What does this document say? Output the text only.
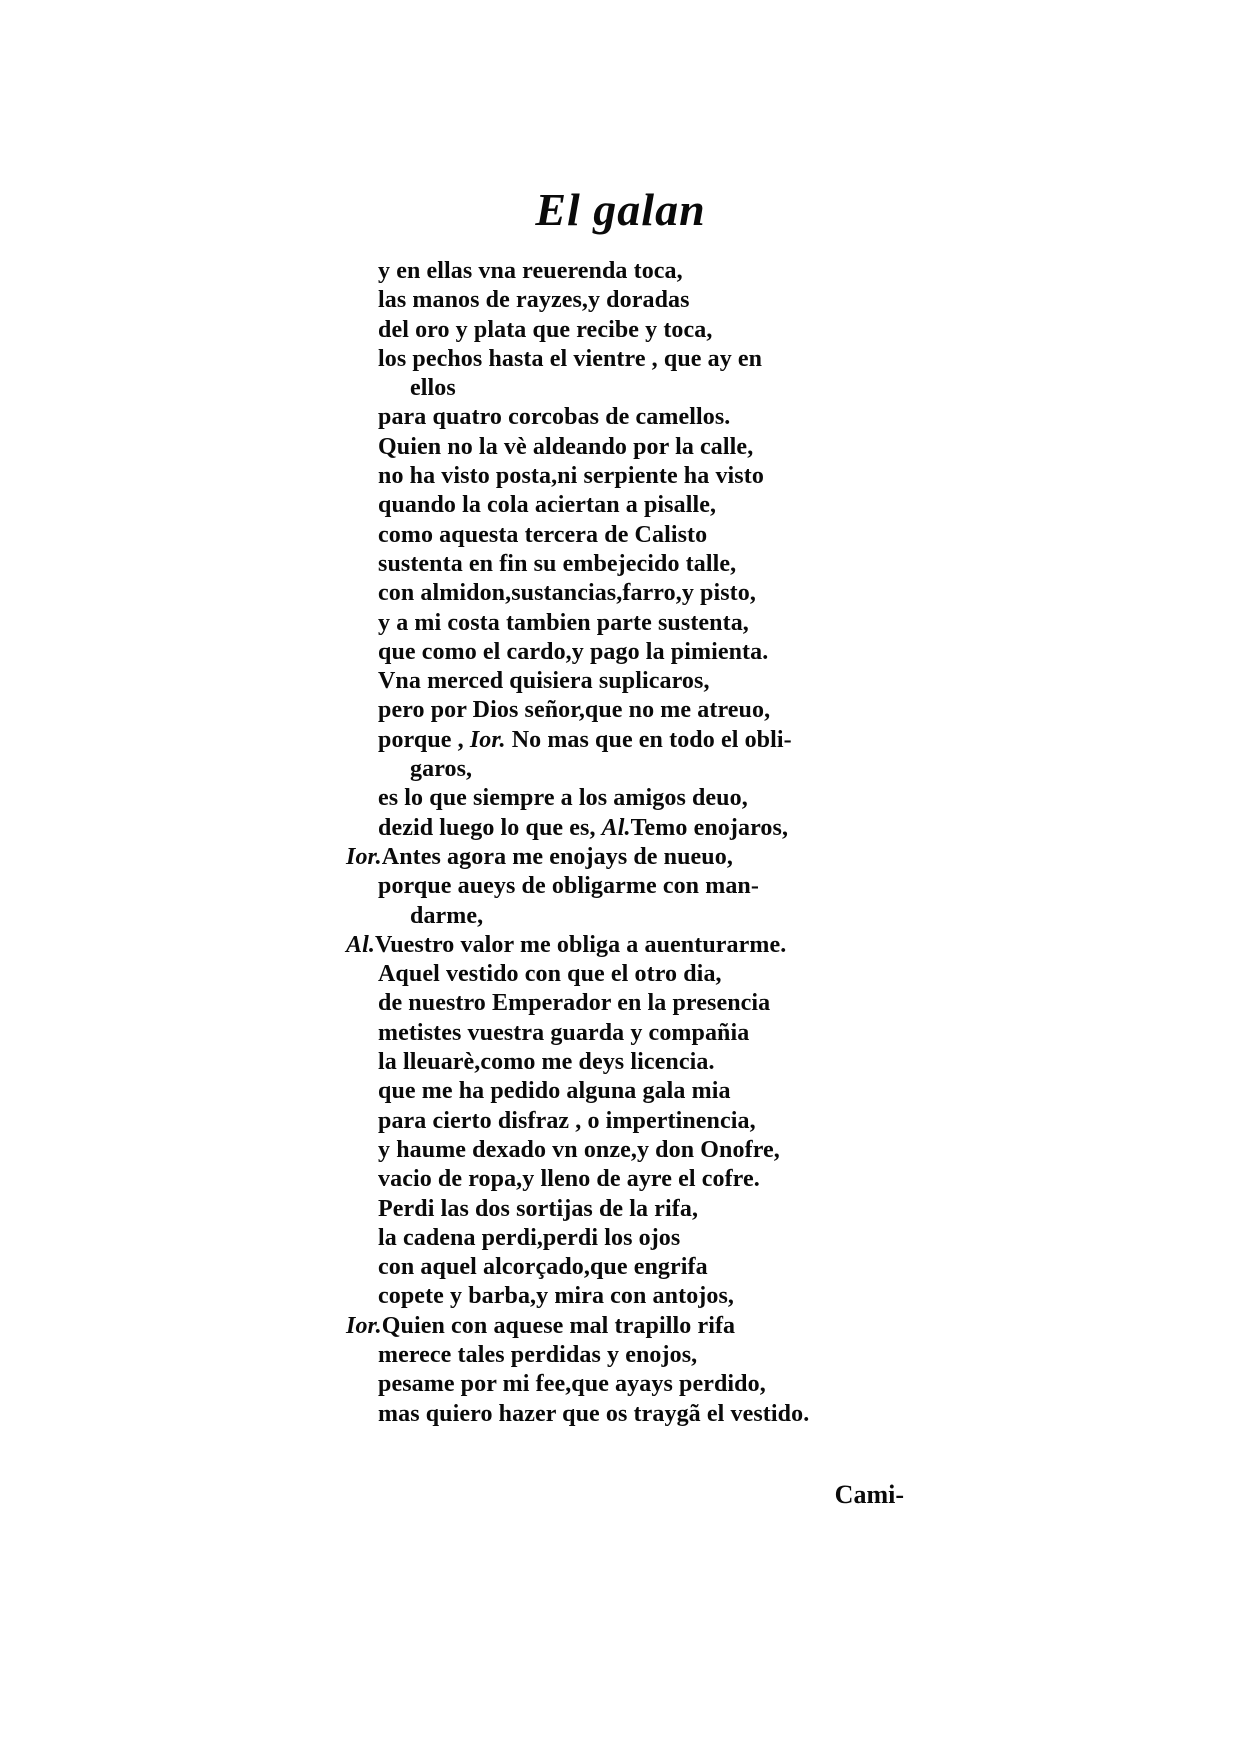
El galan
y en ellas vna reuerenda toca,
las manos de rayzes,y doradas
del oro y plata que recibe y toca,
los pechos hasta el vientre , que ay en
ellos
para quatro corcobas de camellos.
Quien no la vè aldeando por la calle,
no ha visto posta,ni serpiente ha visto
quando la cola aciertan a pisalle,
como aquesta tercera de Calisto
sustenta en fin su embejecido talle,
con almidon,sustancias,farro,y pisto,
y a mi costa tambien parte sustenta,
que como el cardo,y pago la pimienta.
Vna merced quisiera suplicaros,
pero por Dios señor,que no me atreuo,
porque , Ior. No mas que en todo el obli-
garos,
es lo que siempre a los amigos deuo,
dezid luego lo que es, Al.Temo enojaros,
Ior.Antes agora me enojays de nueuo,
porque aueys de obligarme con man-
darme,
Al.Vuestro valor me obliga a auenturarme.
Aquel vestido con que el otro dia,
de nuestro Emperador en la presencia
metistes vuestra guarda y compañia
la lleuarè,como me deys licencia.
que me ha pedido alguna gala mia
para cierto disfraz , o impertinencia,
y haume dexado vn onze,y don Onofre,
vacio de ropa,y lleno de ayre el cofre.
Perdi las dos sortijas de la rifa,
la cadena perdi,perdi los ojos
con aquel alcorçado,que engrifa
copete y barba,y mira con antojos,
Ior.Quien con aquese mal trapillo rifa
merece tales perdidas y enojos,
pesame por mi fee,que ayays perdido,
mas quiero hazer que os traygã el vestido.
Cami-
